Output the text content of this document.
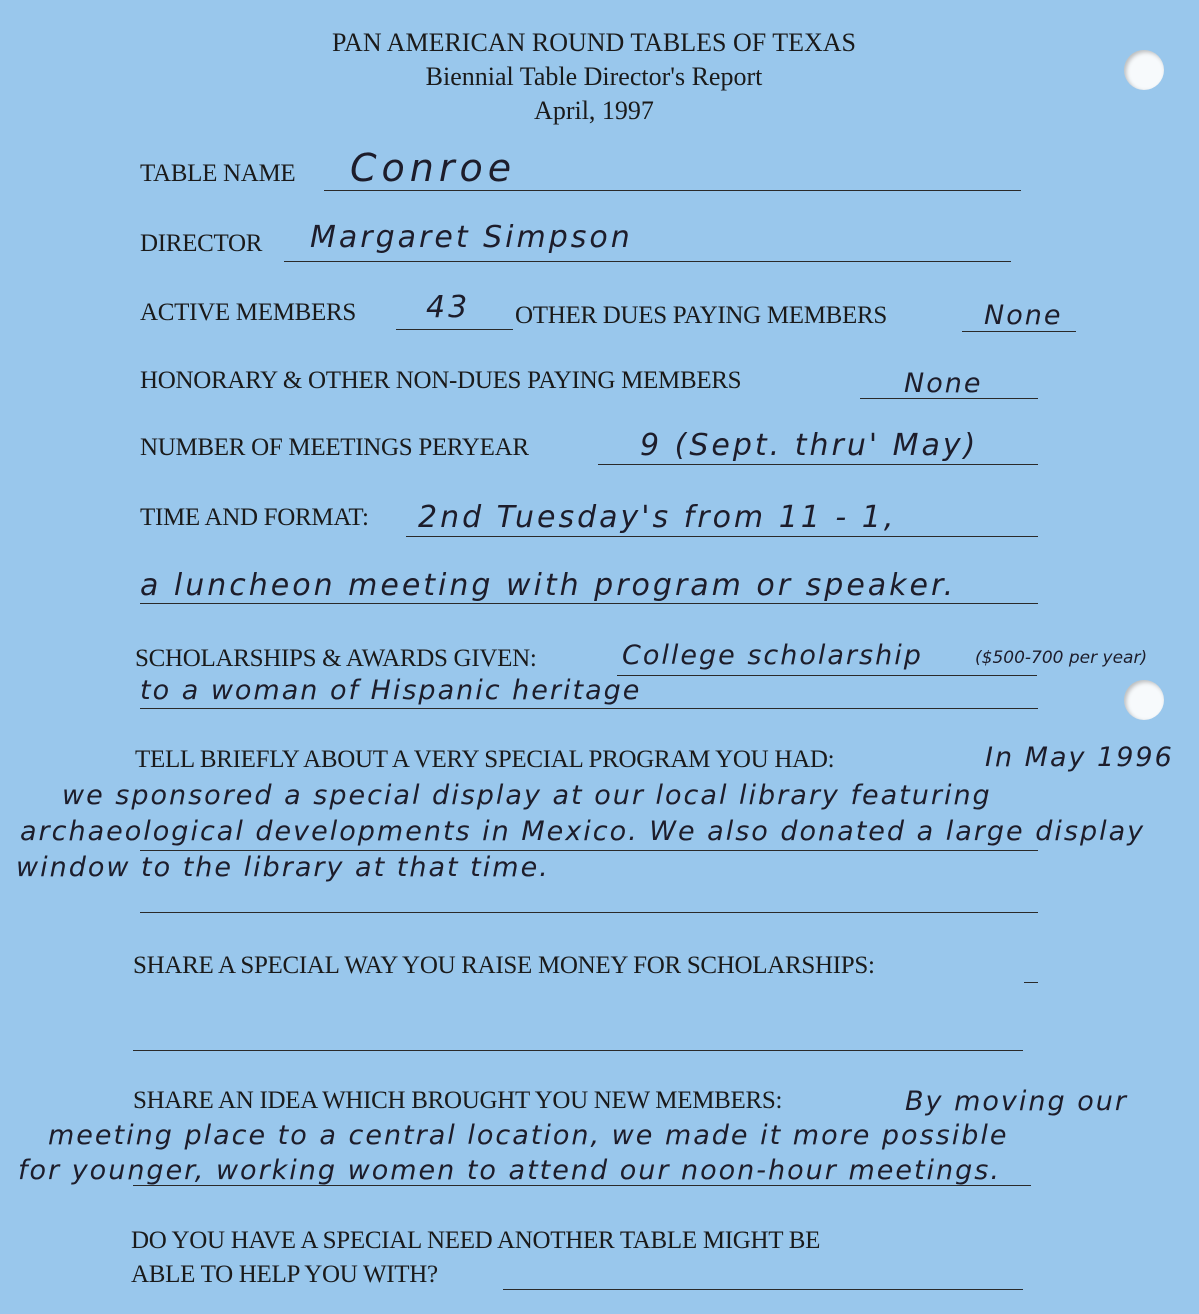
PAN AMERICAN ROUND TABLES OF TEXAS
Biennial Table Director's Report
April, 1997
TABLE NAME Conroe
DIRECTOR Margaret Simpson
ACTIVE MEMBERS 43 OTHER DUES PAYING MEMBERS	None
HONORARY & OTHER NON-DUES PAYING MEMBERS	None
NUMBER OF MEETINGS PERYEAR	9 (Sept. thru' May)
TIME AND FORMAT: 2nd Tuesday's from 11 - 1,
a luncheon meeting with program or speaker.
SCHOLARSHIPS & AWARDS GIVEN:	College scholarship	($500-700 per year)
to a woman of Hispanic heritage
TELL BRIEFLY ABOUT A VERY SPECIAL PROGRAM YOU HAD:	In May 1996
we sponsored a special display at our local library featuring
archaeological developments in Mexico. We also donated a large display
window to the library at that time.
SHARE A SPECIAL WAY YOU RAISE MONEY FOR SCHOLARSHIPS:
SHARE AN IDEA WHICH BROUGHT YOU NEW MEMBERS:	By moving our
meeting place to a central location, we made it more possible
for younger, working women to attend our noon-hour meetings.
DO YOU HAVE A SPECIAL NEED ANOTHER TABLE MIGHT BE
ABLE TO HELP YOU WITH?
